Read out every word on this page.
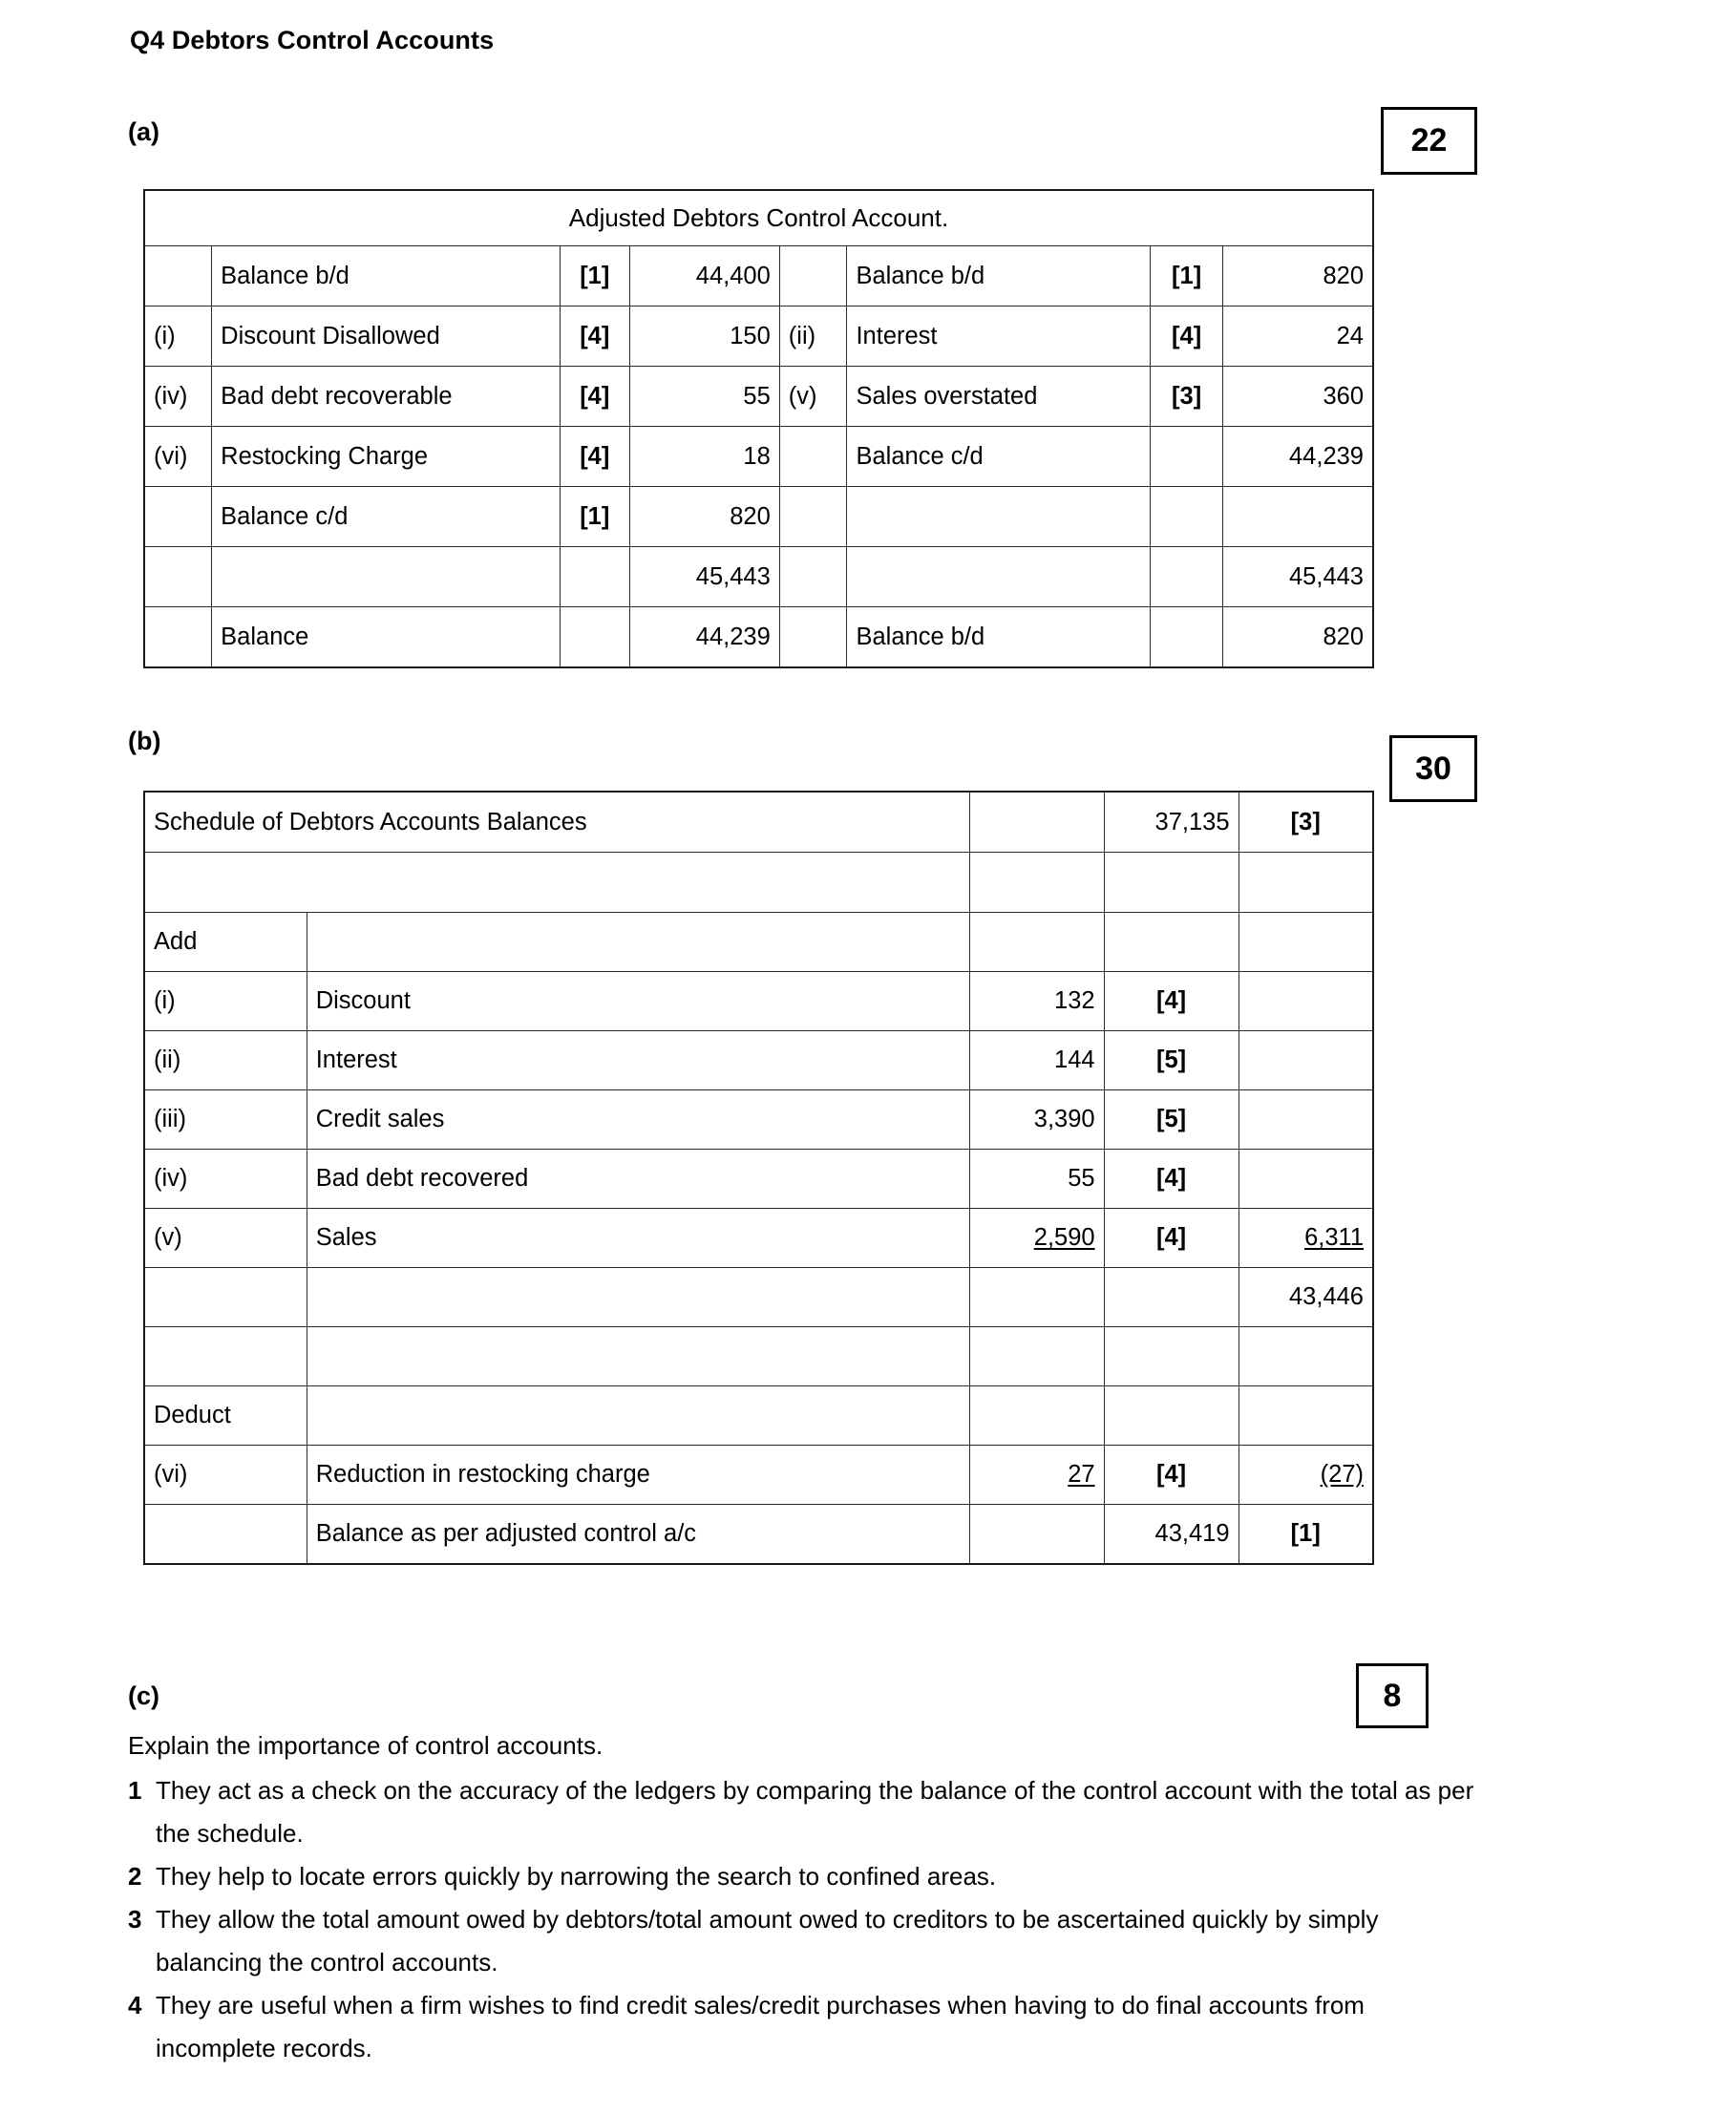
Q4 Debtors Control Accounts
(a)	22
Adjusted Debtors Control Account.							
	Balance b/d	[1]	44,400		Balance b/d	[1]	820
(i)	Discount Disallowed	[4]	150	(ii)	Interest	[4]	24
(iv)	Bad debt recoverable	[4]	55	(v)	Sales overstated	[3]	360
(vi)	Restocking Charge	[4]	18		Balance c/d		44,239
	Balance c/d	[1]	820				
			45,443				45,443
	Balance		44,239		Balance b/d		820
(b)
30
Schedule of Debtors Accounts Balances			37,135	[3]

Add				
(i)	Discount	132	[4]	
(ii)	Interest	144	[5]	
(iii)	Credit sales	3,390	[5]	
(iv)	Bad debt recovered	55	[4]	
(v)	Sales	2,590	[4]	6,311
				43,446

Deduct				
(vi)	Reduction in restocking charge	27	[4]	(27)
	Balance as per adjusted control a/c		43,419	[1]
(c)	8

Explain the importance of control accounts.

1 They act as a check on the accuracy of the ledgers by comparing the balance of the control account with the total as per the schedule.

2 They help to locate errors quickly by narrowing the search to confined areas.

3 They allow the total amount owed by debtors/total amount owed to creditors to be ascertained quickly by simply balancing the control accounts.

4 They are useful when a firm wishes to find credit sales/credit purchases when having to do final accounts from incomplete records.
